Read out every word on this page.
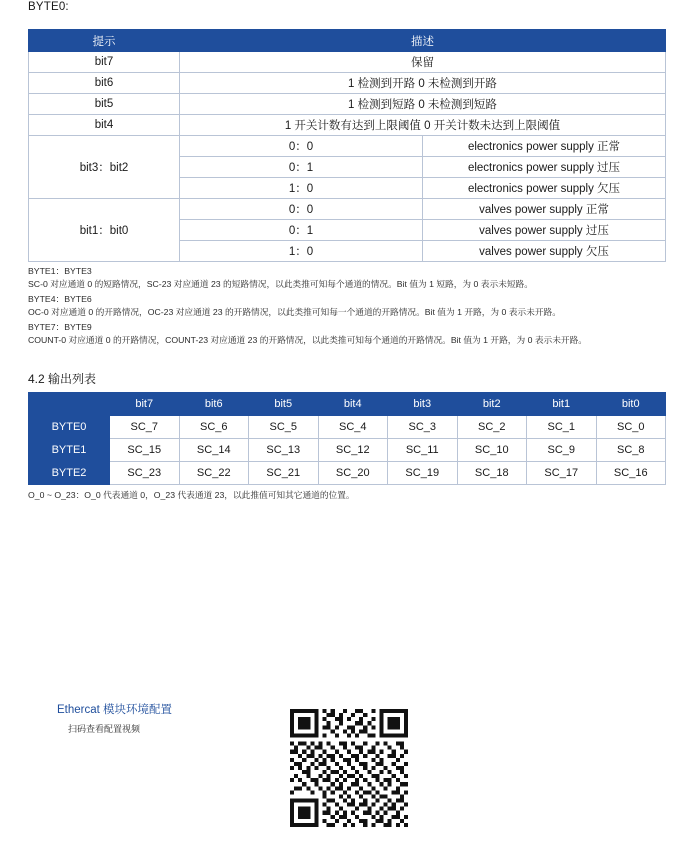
BYTE0:
提示	描述	
bit7	保留	
bit6	1 检测到开路 0 未检测到开路	
bit5	1 检测到短路 0 未检测到短路	
bit4	1 开关计数有达到上限阈值 0 开关计数未达到上限阈值	
bit3：bit2	0：0	electronics power supply 正常
	0：1	electronics power supply 过压
	1：0	electronics power supply 欠压
bit1：bit0	0：0	valves power supply 正常
	0：1	valves power supply 过压
	1：0	valves power supply 欠压
BYTE1：BYTE3
SC-0 对应通道 0 的短路情况，SC-23 对应通道 23 的短路情况，以此类推可知每个通道的情况。Bit 值为 1 短路，为 0 表示未短路。
BYTE4：BYTE6
OC-0 对应通道 0 的开路情况，OC-23 对应通道 23 的开路情况，以此类推可知每一个通道的开路情况。Bit 值为 1 开路，为 0 表示未开路。
BYTE7：BYTE9
COUNT-0 对应通道 0 的开路情况，COUNT-23 对应通道 23 的开路情况，以此类推可知每个通道的开路情况。Bit 值为 1 开路，为 0 表示未开路。
4.2 输出列表
	bit7	bit6	bit5	bit4	bit3	bit2	bit1	bit0
BYTE0	SC_7	SC_6	SC_5	SC_4	SC_3	SC_2	SC_1	SC_0
BYTE1	SC_15	SC_14	SC_13	SC_12	SC_11	SC_10	SC_9	SC_8
BYTE2	SC_23	SC_22	SC_21	SC_20	SC_19	SC_18	SC_17	SC_16
O_0 ~ O_23：O_0 代表通道 0，O_23 代表通道 23，以此推值可知其它通道的位置。
Ethercat 模块环境配置
扫码查看配置视频
